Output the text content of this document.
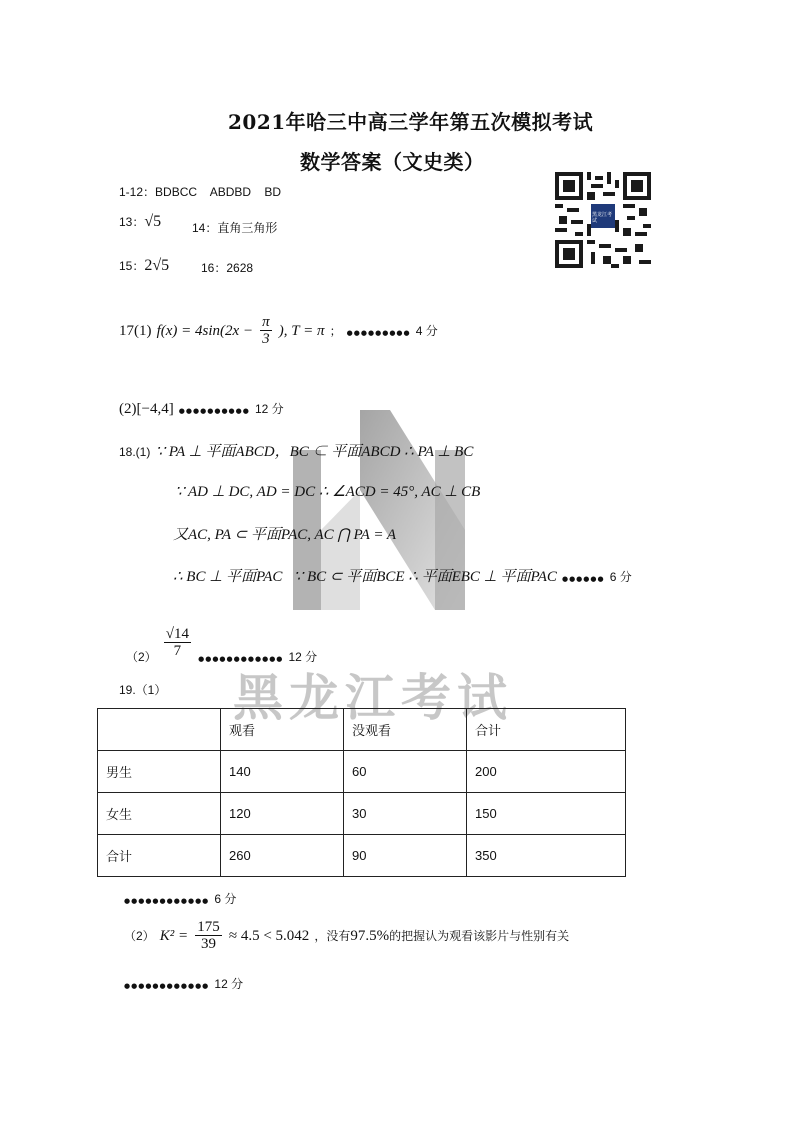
黑龙江考试
2021年哈三中高三学年第五次模拟考试
数学答案（文史类）
黑龙江考试
1-12：BDBCC    ABDBD    BD
13：√5	14：直角三角形
15：2√5	16：2628
17(1) $f(x) = 4\sin(2x - \frac{\pi}{3}$ ), T = π ； ●●●●●●●●● 4 分
(2)[−4,4] ●●●●●●●●●● 12 分
18.(1) ∵ PA ⊥ 平面ABCD，BC ⊂ 平面ABCD ∴ PA ⊥ BC
∵ AD ⊥ DC, AD = DC ∴ ∠ACD = 45°, AC ⊥ CB
又AC, PA ⊂ 平面PAC, AC ⋂ PA = A
∴ BC ⊥ 平面PAC   ∵ BC ⊂ 平面BCE ∴ 平面EBC ⊥ 平面PAC ●●●●●● 6 分
$_{(2)} \frac{√14}{7} _{●●●●●●●●●●●●}$ $_{12 分}$
19.（1）
	观看	没观看	合计
男生	140	60	200
女生	120	30	150
合计	260	90	350
●●●●●●●●●●●● 6 分
（2） $K^2 = \frac{175}{39} \approx 4.5 < 5.042$ ，没有97.5%的把握认为观看该影片与性别有关
●●●●●●●●●●●● 12 分
